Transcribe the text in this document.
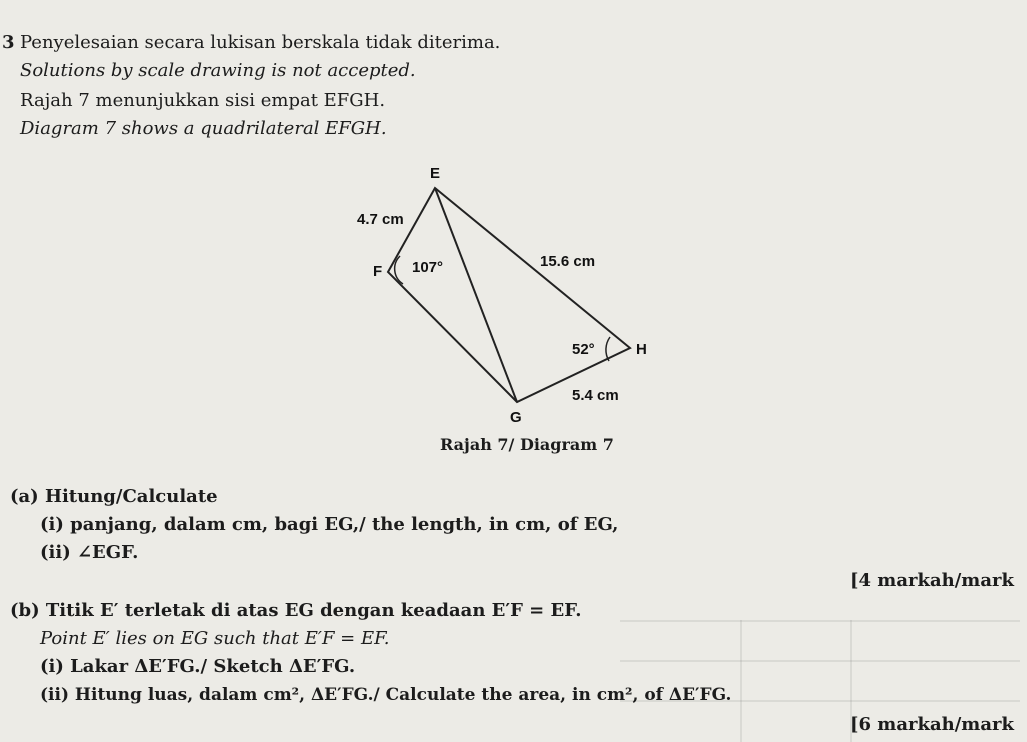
3 Penyelesaian secara lukisan berskala tidak diterima.
Solutions by scale drawing is not accepted.
Rajah 7 menunjukkan sisi empat EFGH.
Diagram 7 shows a quadrilateral EFGH.
E
F
G
H
4.7 cm
15.6 cm
5.4 cm
107°
52°
Rajah 7/ Diagram 7
(a) Hitung/Calculate
(i) panjang, dalam cm, bagi EG,/ the length, in cm, of EG,
(ii) ∠EGF.
[4 markah/mark
(b) Titik E′ terletak di atas EG dengan keadaan E′F = EF.
Point E′ lies on EG such that E′F = EF.
(i) Lakar ΔE′FG./ Sketch ΔE′FG.
(ii) Hitung luas, dalam cm², ΔE′FG./ Calculate the area, in cm², of ΔE′FG.
[6 markah/mark
